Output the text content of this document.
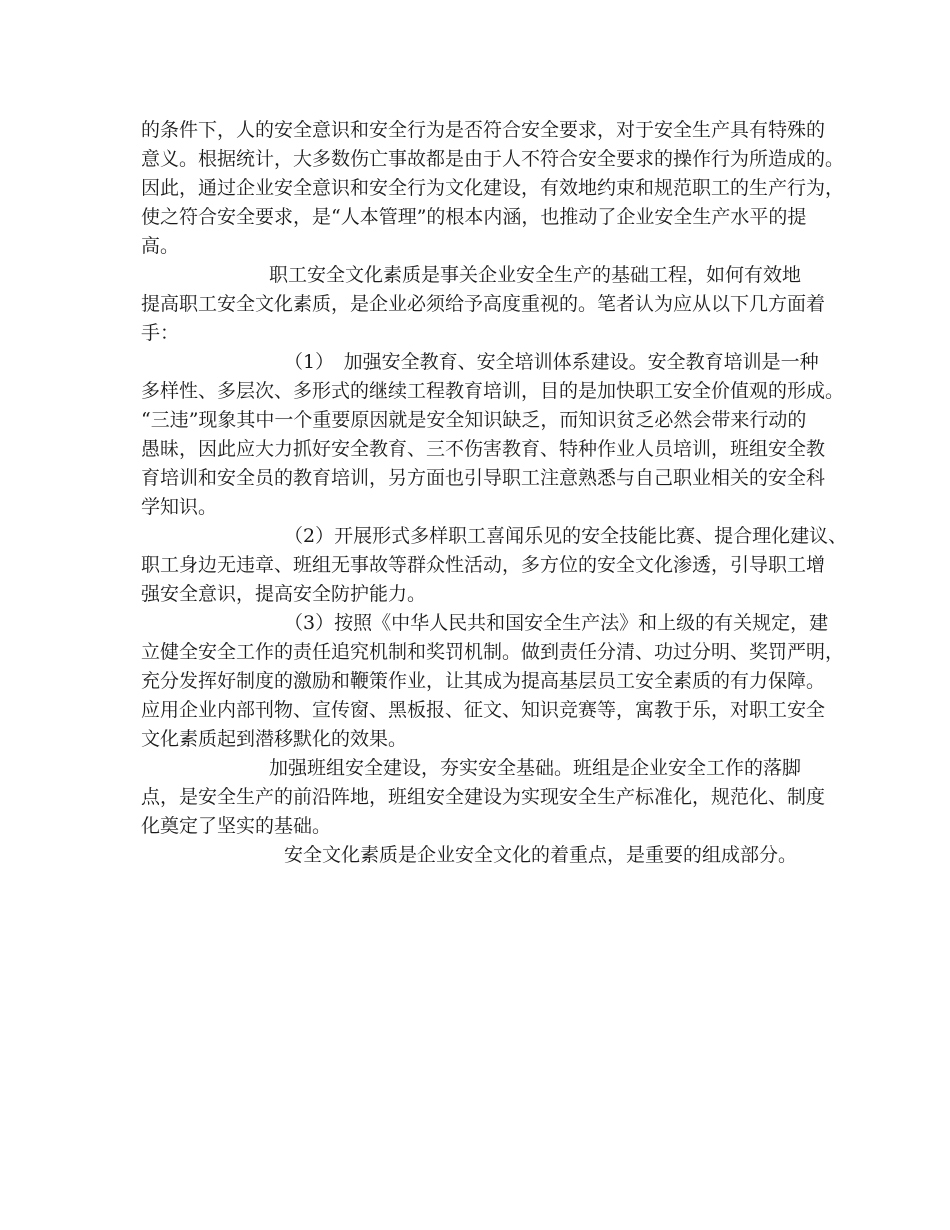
的条件下，人的安全意识和安全行为是否符合安全要求，对于安全生产具有特殊的
意义。根据统计，大多数伤亡事故都是由于人不符合安全要求的操作行为所造成的。
因此，通过企业安全意识和安全行为文化建设，有效地约束和规范职工的生产行为，
使之符合安全要求，是“人本管理”的根本内涵，也推动了企业安全生产水平的提
高。
职工安全文化素质是事关企业安全生产的基础工程，如何有效地
提高职工安全文化素质，是企业必须给予高度重视的。笔者认为应从以下几方面着
手：
（1）　加强安全教育、安全培训体系建设。安全教育培训是一种
多样性、多层次、多形式的继续工程教育培训，目的是加快职工安全价值观的形成。
“三违”现象其中一个重要原因就是安全知识缺乏，而知识贫乏必然会带来行动的
愚昧，因此应大力抓好安全教育、三不伤害教育、特种作业人员培训，班组安全教
育培训和安全员的教育培训，另方面也引导职工注意熟悉与自己职业相关的安全科
学知识。
（2）开展形式多样职工喜闻乐见的安全技能比赛、提合理化建议、
职工身边无违章、班组无事故等群众性活动，多方位的安全文化渗透，引导职工增
强安全意识，提高安全防护能力。
（3）按照《中华人民共和国安全生产法》和上级的有关规定，建
立健全安全工作的责任追究机制和奖罚机制。做到责任分清、功过分明、奖罚严明，
充分发挥好制度的激励和鞭策作业，让其成为提高基层员工安全素质的有力保障。
应用企业内部刊物、宣传窗、黑板报、征文、知识竞赛等，寓教于乐，对职工安全
文化素质起到潜移默化的效果。
加强班组安全建设，夯实安全基础。班组是企业安全工作的落脚
点，是安全生产的前沿阵地，班组安全建设为实现安全生产标准化，规范化、制度
化奠定了坚实的基础。
安全文化素质是企业安全文化的着重点，是重要的组成部分。
